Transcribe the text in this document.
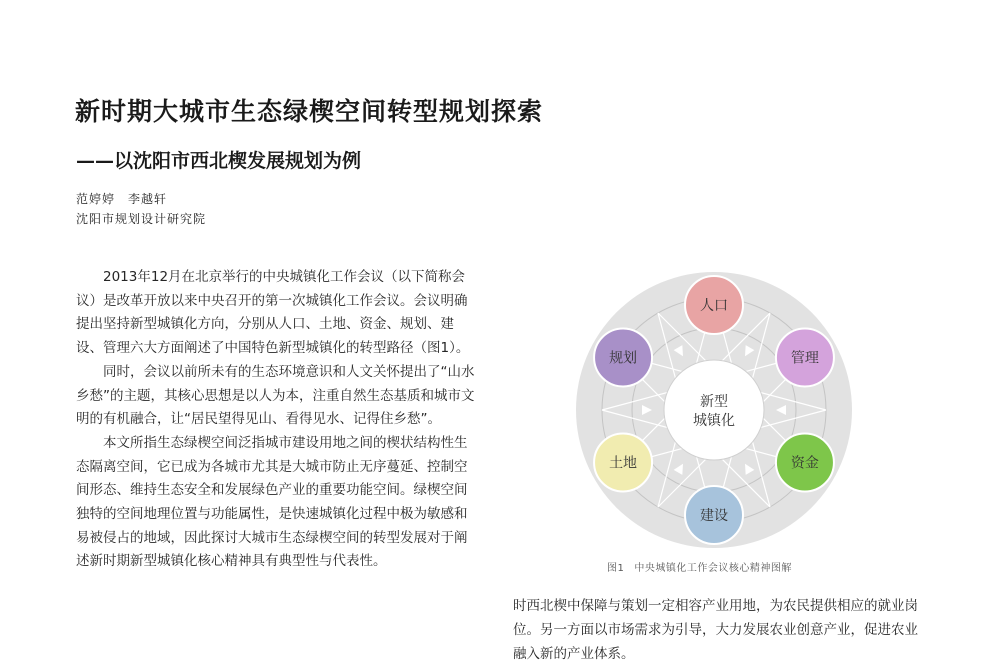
新时期大城市生态绿楔空间转型规划探索
——以沈阳市西北楔发展规划为例
范婷婷　李越轩
沈阳市规划设计研究院

2013年12月在北京举行的中央城镇化工作会议（以下简称会议）是改革开放以来中央召开的第一次城镇化工作会议。会议明确提出坚持新型城镇化方向，分别从人口、土地、资金、规划、建设、管理六大方面阐述了中国特色新型城镇化的转型路径（图1）。

同时，会议以前所未有的生态环境意识和人文关怀提出了“山水乡愁”的主题，其核心思想是以人为本，注重自然生态基质和城市文明的有机融合，让“居民望得见山、看得见水、记得住乡愁”。

本文所指生态绿楔空间泛指城市建设用地之间的楔状结构性生态隔离空间，它已成为各城市尤其是大城市防止无序蔓延、控制空间形态、维持生态安全和发展绿色产业的重要功能空间。绿楔空间独特的空间地理位置与功能属性，是快速城镇化过程中极为敏感和易被侵占的地域，因此探讨大城市生态绿楔空间的转型发展对于阐述新时期新型城镇化核心精神具有典型性与代表性。

新型
城镇化
人口
管理
资金
建设
土地
规划
图1 中央城镇化工作会议核心精神图解

时西北楔中保障与策划一定相容产业用地，为农民提供相应的就业岗位。另一方面以市场需求为引导，大力发展农业创意产业，促进农业融入新的产业体系。
